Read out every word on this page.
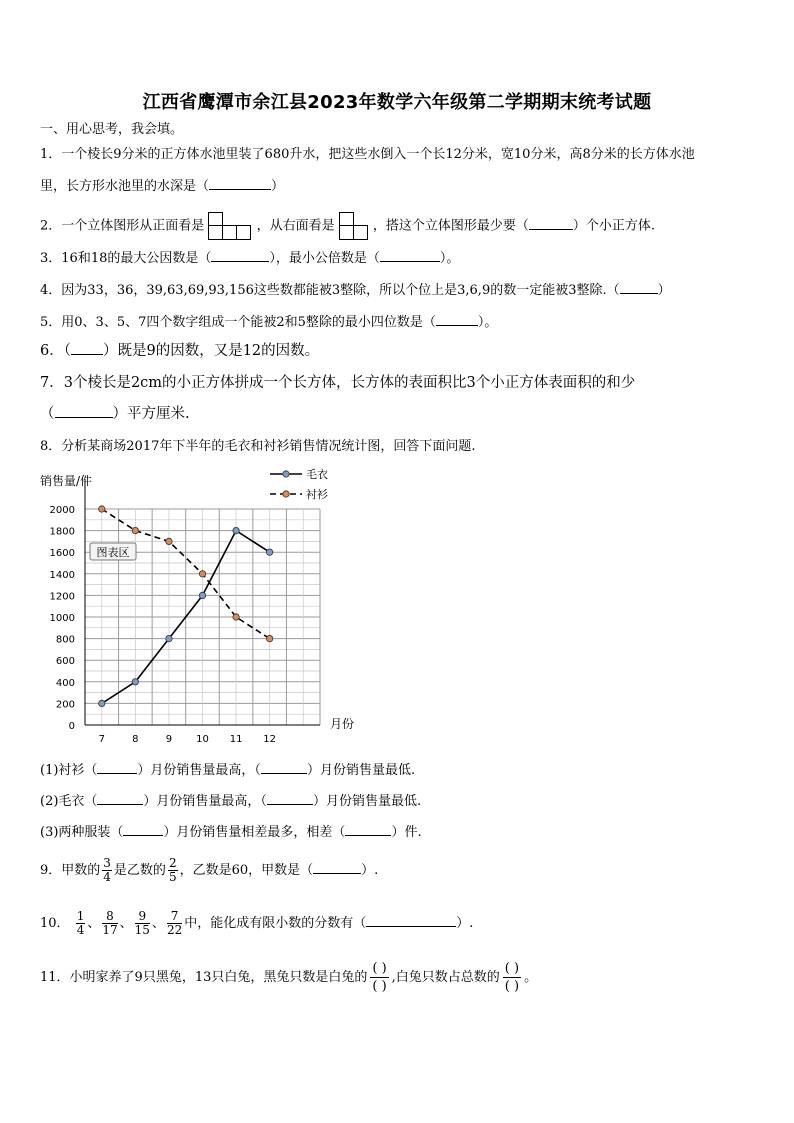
江西省鹰潭市余江县2023年数学六年级第二学期期末统考试题
一、用心思考，我会填。
1．一个棱长9分米的正方体水池里装了680升水，把这些水倒入一个长12分米，宽10分米，高8分米的长方体水池
里，长方形水池里的水深是（	）
2．一个立体图形从正面看是	，从右面看是	，搭这个立体图形最少要（	）个小正方体.
3．16和18的最大公因数是（	），最小公倍数是（	）。
4．因为33，36，39,63,69,93,156这些数都能被3整除，所以个位上是3,6,9的数一定能被3整除.（	）
5．用0、3、5、7四个数字组成一个能被2和5整除的最小四位数是（	）。
6．（ ）既是9的因数，又是12的因数。
7．3个棱长是2cm的小正方体拼成一个长方体，长方体的表面积比3个小正方体表面积的和少
（	）平方厘米.
8．分析某商场2017年下半年的毛衣和衬衫销售情况统计图，回答下面问题.
0
200
400
600
800
1000
1200
1400
1600
1800
2000
7	8	9 10 11 12
销售量/件
月份
图表区
毛衣
衬衫
(1)衬衫（	）月份销售量最高，（	）月份销售量最低.
(2)毛衣（	）月份销售量最高，（	）月份销售量最低.
(3)两种服装（	）月份销售量相差最多，相差（	）件.
9．甲数的 $\frac{3}{4}$ 是乙数的 $\frac{2}{5}$ ，乙数是60，甲数是（	）.
10． $\frac{1}{4}$ 、 $\frac{8}{17}$ 、 $\frac{9}{15}$ 、 $\frac{7}{22}$ 中，能化成有限小数的分数有（	）.
11．小明家养了9只黑兔，13只白兔，黑兔只数是白兔的 $\frac{( )}{( )}$ ,白兔只数占总数的 $\frac{( )}{( )}$ 。
